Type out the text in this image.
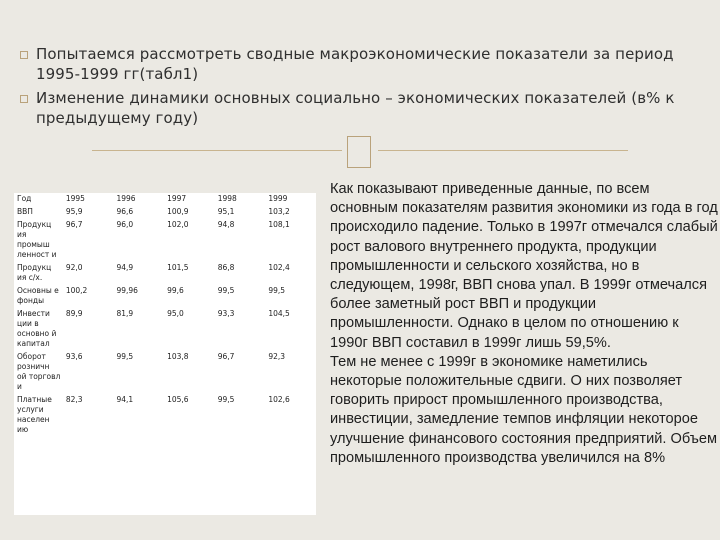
Попытаемся рассмотреть сводные макроэкономические показатели за период 1995-1999 гг(табл1)
Изменение динамики основных социально – экономических показателей (в% к предыдущему году)
Год	1995	1996	1997	1998	1999
ВВП	95,9	96,6	100,9	95,1	103,2
Продукц ия промыш ленност и	96,7	96,0	102,0	94,8	108,1
Продукц ия с/х.	92,0	94,9	101,5	86,8	102,4
Основны е фонды	100,2	99,96	99,6	99,5	99,5
Инвести ции в основно й капитал	89,9	81,9	95,0	93,3	104,5
Оборот розничн ой торговл и	93,6	99,5	103,8	96,7	92,3
Платные услуги населен ию	82,3	94,1	105,6	99,5	102,6
Как показывают приведенные данные, по всем основным показателям развития экономики из года в год происходило падение. Только в 1997г отмечался слабый рост валового внутреннего продукта, продукции промышленности и сельского хозяйства, но в следующем, 1998г, ВВП снова упал. В 1999г отмечался более заметный рост ВВП и продукции промышленности. Однако в целом по отношению к 1990г ВВП составил в 1999г лишь 59,5%.
Тем не менее с 1999г в экономике наметились некоторые положительные сдвиги. О них позволяет говорить прирост промышленного производства, инвестиции, замедление темпов инфляции некоторое улучшение финансового состояния предприятий. Объем промышленного производства увеличился на 8%
